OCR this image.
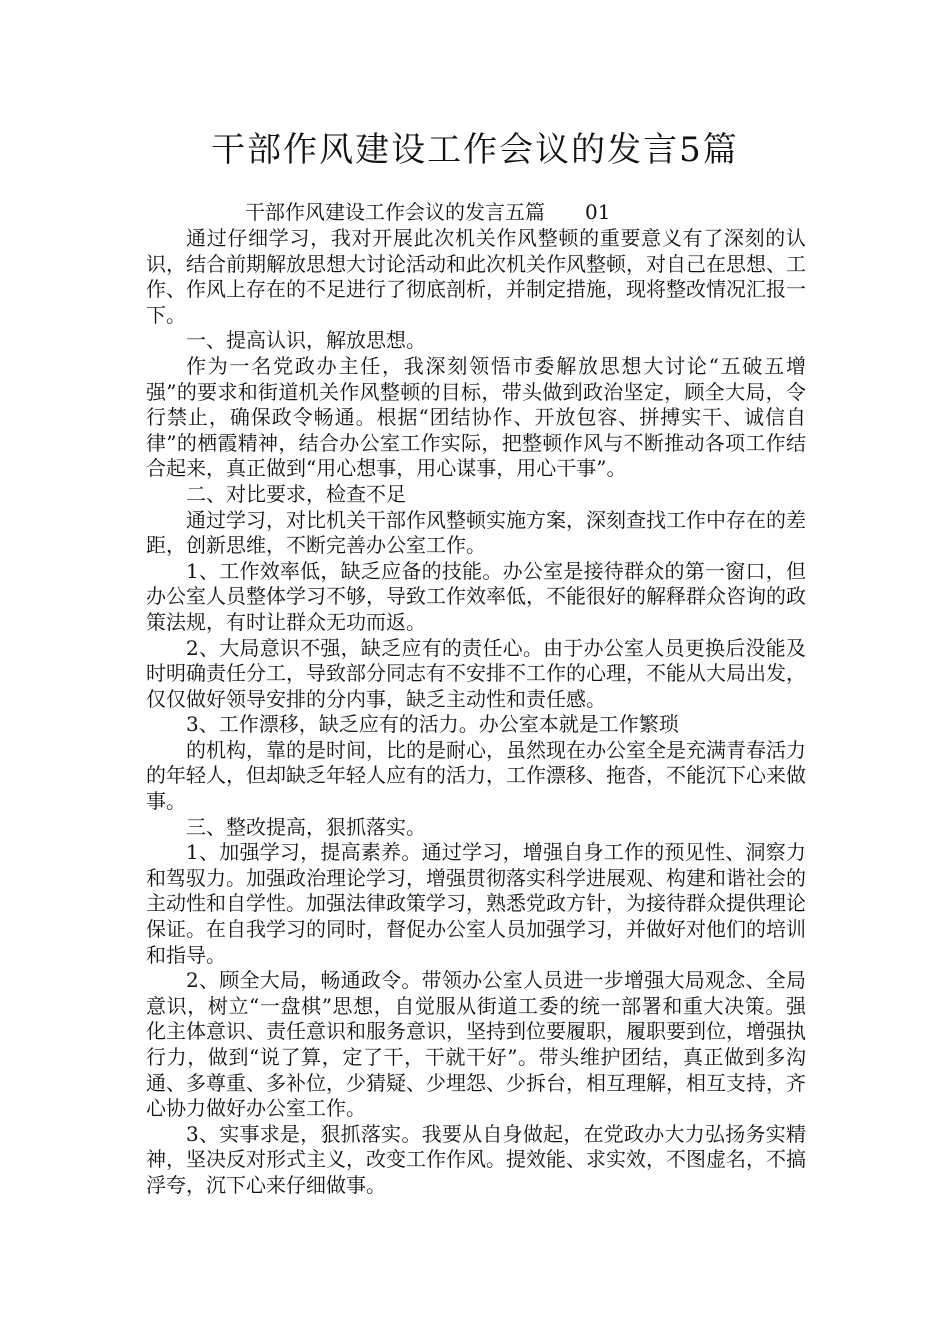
干部作风建设工作会议的发言5篇
干部作风建设工作会议的发言五篇　　01

通过仔细学习，我对开展此次机关作风整顿的重要意义有了深刻的认识，结合前期解放思想大讨论活动和此次机关作风整顿，对自己在思想、工作、作风上存在的不足进行了彻底剖析，并制定措施，现将整改情况汇报一下。

一、提高认识，解放思想。

作为一名党政办主任，我深刻领悟市委解放思想大讨论“五破五增强”的要求和街道机关作风整顿的目标，带头做到政治坚定，顾全大局，令行禁止，确保政令畅通。根据“团结协作、开放包容、拼搏实干、诚信自律”的栖霞精神，结合办公室工作实际，把整顿作风与不断推动各项工作结合起来，真正做到“用心想事，用心谋事，用心干事”。

二、对比要求，检查不足

通过学习，对比机关干部作风整顿实施方案，深刻查找工作中存在的差距，创新思维，不断完善办公室工作。

1、工作效率低，缺乏应备的技能。办公室是接待群众的第一窗口，但办公室人员整体学习不够，导致工作效率低，不能很好的解释群众咨询的政策法规，有时让群众无功而返。

2、大局意识不强，缺乏应有的责任心。由于办公室人员更换后没能及时明确责任分工，导致部分同志有不安排不工作的心理，不能从大局出发，仅仅做好领导安排的分内事，缺乏主动性和责任感。

3、工作漂移，缺乏应有的活力。办公室本就是工作繁琐

的机构，靠的是时间，比的是耐心，虽然现在办公室全是充满青春活力的年轻人，但却缺乏年轻人应有的活力，工作漂移、拖沓，不能沉下心来做事。

三、整改提高，狠抓落实。

1、加强学习，提高素养。通过学习，增强自身工作的预见性、洞察力和驾驭力。加强政治理论学习，增强贯彻落实科学进展观、构建和谐社会的主动性和自学性。加强法律政策学习，熟悉党政方针，为接待群众提供理论保证。在自我学习的同时，督促办公室人员加强学习，并做好对他们的培训和指导。

2、顾全大局，畅通政令。带领办公室人员进一步增强大局观念、全局意识，树立“一盘棋”思想，自觉服从街道工委的统一部署和重大决策。强化主体意识、责任意识和服务意识，坚持到位要履职，履职要到位，增强执行力，做到“说了算，定了干，干就干好”。带头维护团结，真正做到多沟通、多尊重、多补位，少猜疑、少埋怨、少拆台，相互理解，相互支持，齐心协力做好办公室工作。

3、实事求是，狠抓落实。我要从自身做起，在党政办大力弘扬务实精神，坚决反对形式主义，改变工作作风。提效能、求实效，不图虚名，不搞浮夸，沉下心来仔细做事。
